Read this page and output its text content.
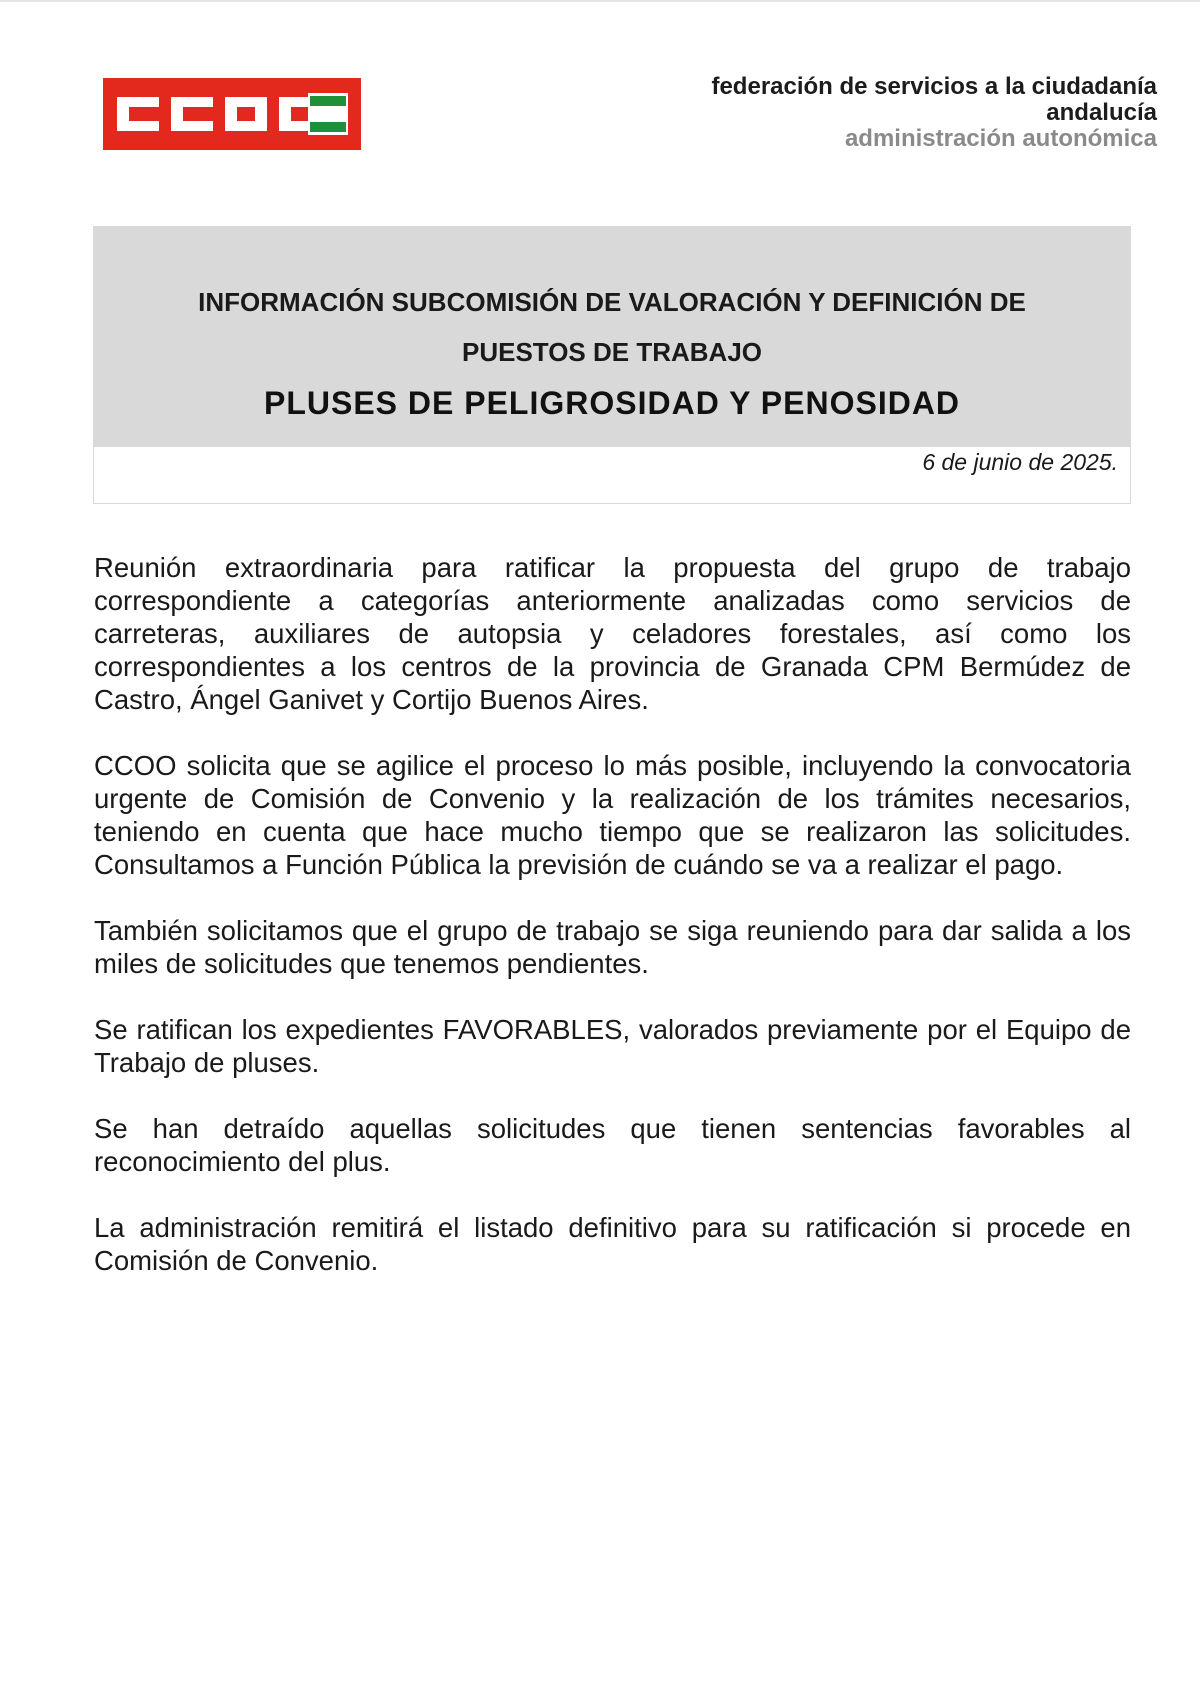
federación de servicios a la ciudadanía
andalucía
administración autonómica
INFORMACIÓN SUBCOMISIÓN DE VALORACIÓN Y DEFINICIÓN DE PUESTOS DE TRABAJO
PLUSES DE PELIGROSIDAD Y PENOSIDAD
6 de junio de 2025.

Reunión extraordinaria para ratificar la propuesta del grupo de trabajo correspondiente a categorías anteriormente analizadas como servicios de carreteras, auxiliares de autopsia y celadores forestales, así como los correspondientes a los centros de la provincia de Granada CPM Bermúdez de Castro, Ángel Ganivet y Cortijo Buenos Aires.

CCOO solicita que se agilice el proceso lo más posible, incluyendo la convocatoria urgente de Comisión de Convenio y la realización de los trámites necesarios, teniendo en cuenta que hace mucho tiempo que se realizaron las solicitudes. Consultamos a Función Pública la previsión de cuándo se va a realizar el pago.

También solicitamos que el grupo de trabajo se siga reuniendo para dar salida a los miles de solicitudes que tenemos pendientes.

Se ratifican los expedientes FAVORABLES, valorados previamente por el Equipo de Trabajo de pluses.

Se han detraído aquellas solicitudes que tienen sentencias favorables al reconocimiento del plus.

La administración remitirá el listado definitivo para su ratificación si procede en Comisión de Convenio.
